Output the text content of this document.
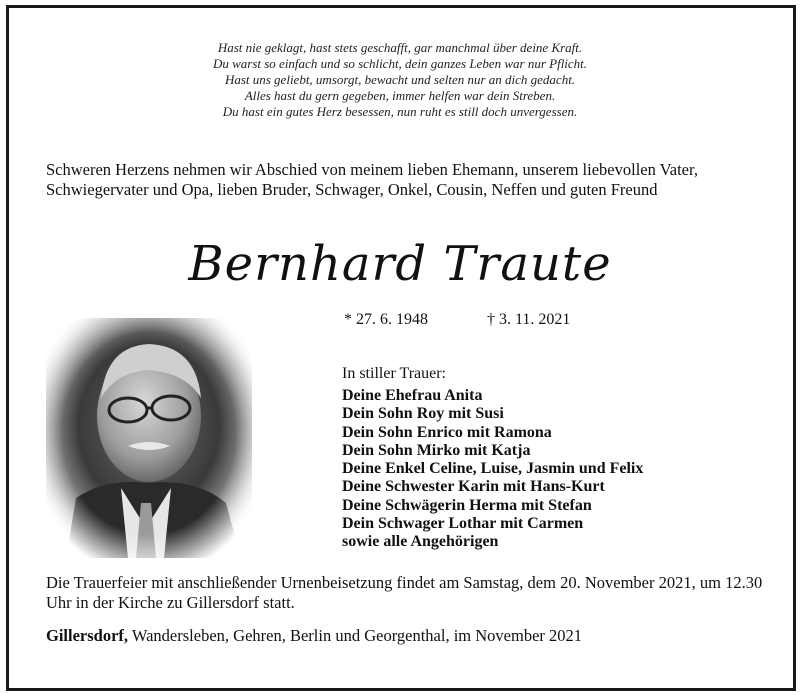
Hast nie geklagt, hast stets geschafft, gar manchmal über deine Kraft.
Du warst so einfach und so schlicht, dein ganzes Leben war nur Pflicht.
Hast uns geliebt, umsorgt, bewacht und selten nur an dich gedacht.
Alles hast du gern gegeben, immer helfen war dein Streben.
Du hast ein gutes Herz besessen, nun ruht es still doch unvergessen.
Schweren Herzens nehmen wir Abschied von meinem lieben Ehemann, unserem liebevollen Vater, Schwiegervater und Opa, lieben Bruder, Schwager, Onkel, Cousin, Neffen und guten Freund
Bernhard Traute
* 27. 6. 1948	† 3. 11. 2021
In stiller Trauer:
Deine Ehefrau Anita
Dein Sohn Roy mit Susi
Dein Sohn Enrico mit Ramona
Dein Sohn Mirko mit Katja
Deine Enkel Celine, Luise, Jasmin und Felix
Deine Schwester Karin mit Hans-Kurt
Deine Schwägerin Herma mit Stefan
Dein Schwager Lothar mit Carmen
sowie alle Angehörigen
Die Trauerfeier mit anschließender Urnenbeisetzung findet am Samstag, dem 20. November 2021, um 12.30 Uhr in der Kirche zu Gillersdorf statt.
Gillersdorf, Wandersleben, Gehren, Berlin und Georgenthal, im November 2021
